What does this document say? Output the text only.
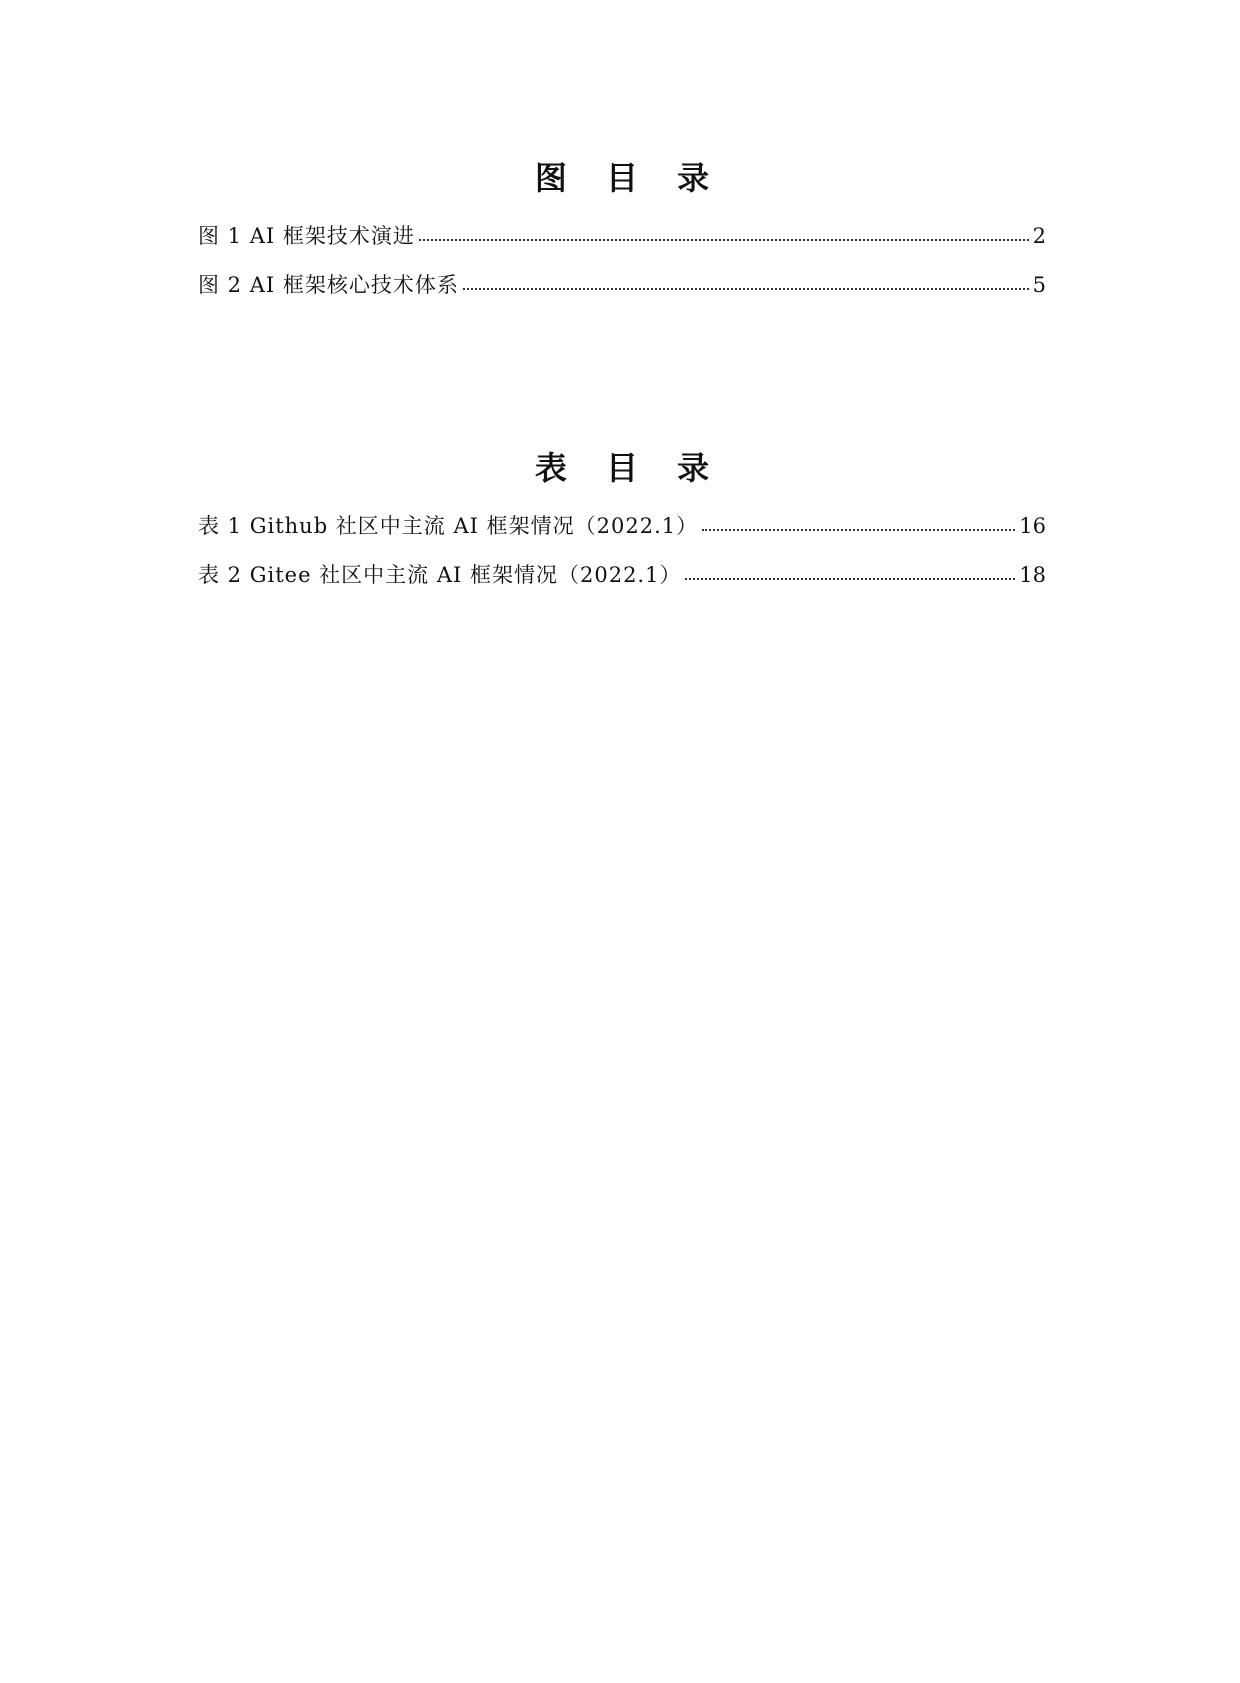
图 目 录
图 1 AI 框架技术演进	2
图 2 AI 框架核心技术体系	5
表 目 录
表 1 Github 社区中主流 AI 框架情况（2022.1）	16
表 2 Gitee 社区中主流 AI 框架情况（2022.1）	18
